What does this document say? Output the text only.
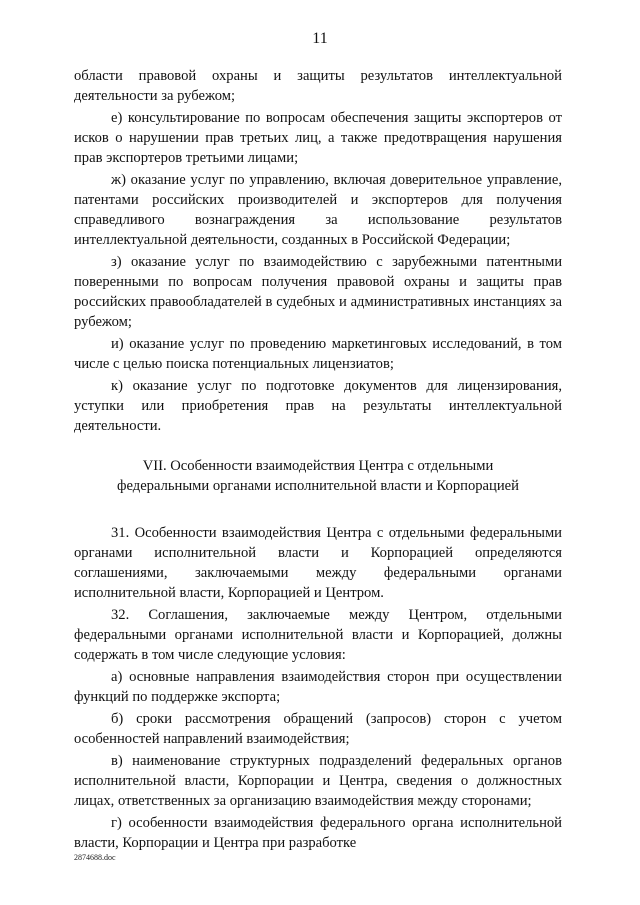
11

области правовой охраны и защиты результатов интеллектуальной деятельности за рубежом;

е) консультирование по вопросам обеспечения защиты экспортеров от исков о нарушении прав третьих лиц, а также предотвращения нарушения прав экспортеров третьими лицами;

ж) оказание услуг по управлению, включая доверительное управление, патентами российских производителей и экспортеров для получения справедливого вознаграждения за использование результатов интеллектуальной деятельности, созданных в Российской Федерации;

з) оказание услуг по взаимодействию с зарубежными патентными поверенными по вопросам получения правовой охраны и защиты прав российских правообладателей в судебных и административных инстанциях за рубежом;

и) оказание услуг по проведению маркетинговых исследований, в том числе с целью поиска потенциальных лицензиатов;

к) оказание услуг по подготовке документов для лицензирования, уступки или приобретения прав на результаты интеллектуальной деятельности.

VII. Особенности взаимодействия Центра с отдельными
федеральными органами исполнительной власти и Корпорацией

31. Особенности взаимодействия Центра с отдельными федеральными органами исполнительной власти и Корпорацией определяются соглашениями, заключаемыми между федеральными органами исполнительной власти, Корпорацией и Центром.

32. Соглашения, заключаемые между Центром, отдельными федеральными органами исполнительной власти и Корпорацией, должны содержать в том числе следующие условия:

а) основные направления взаимодействия сторон при осуществлении функций по поддержке экспорта;

б) сроки рассмотрения обращений (запросов) сторон с учетом особенностей направлений взаимодействия;

в) наименование структурных подразделений федеральных органов исполнительной власти, Корпорации и Центра, сведения о должностных лицах, ответственных за организацию взаимодействия между сторонами;

г) особенности взаимодействия федерального органа исполнительной власти, Корпорации и Центра при разработке

2874688.doc
